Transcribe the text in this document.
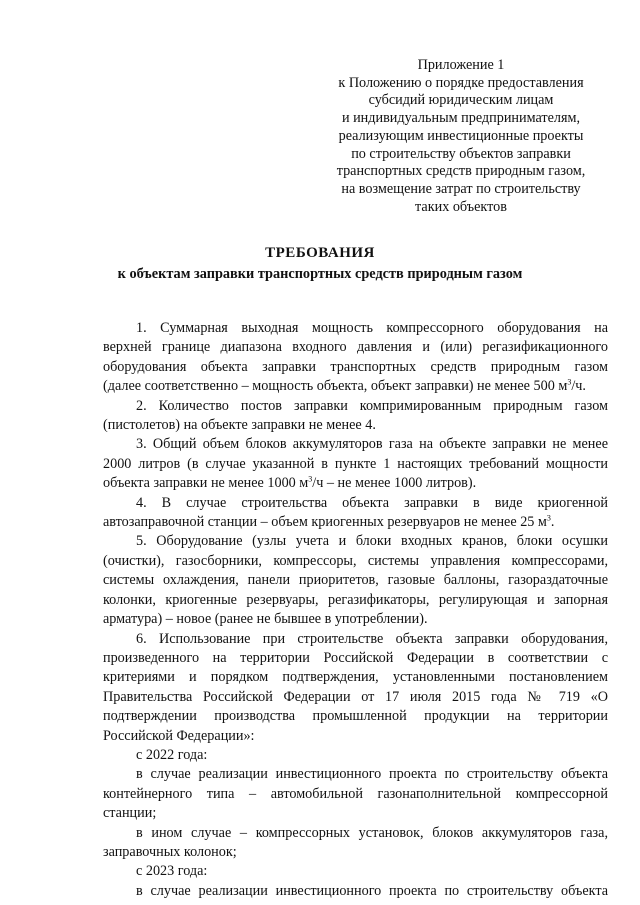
Приложение 1
к Положению о порядке предоставления
субсидий юридическим лицам
и индивидуальным предпринимателям,
реализующим инвестиционные проекты
по строительству объектов заправки
транспортных средств природным газом,
на возмещение затрат по строительству
таких объектов
ТРЕБОВАНИЯ
к объектам заправки транспортных средств природным газом
1. Суммарная выходная мощность компрессорного оборудования на
верхней границе диапазона входного давления и (или) регазификационного
оборудования объекта заправки транспортных средств природным газом
(далее соответственно – мощность объекта, объект заправки) не менее 500 $м^3/ч$.
2. Количество постов заправки компримированным природным газом
(пистолетов) на объекте заправки не менее 4.
3. Общий объем блоков аккумуляторов газа на объекте заправки не менее
2000 литров (в случае указанной в пункте 1 настоящих требований мощности
объекта заправки не менее 1000 $м^3/ч$ – не менее 1000 литров).
4. В случае строительства объекта заправки в виде криогенной
автозаправочной станции – объем криогенных резервуаров не менее 25 $м^3$.
5. Оборудование (узлы учета и блоки входных кранов, блоки осушки
(очистки), газосборники, компрессоры, системы управления компрессорами,
системы охлаждения, панели приоритетов, газовые баллоны, газораздаточные
колонки, криогенные резервуары, регазификаторы, регулирующая и запорная
арматура) – новое (ранее не бывшее в употреблении).
6. Использование при строительстве объекта заправки оборудования,
произведенного на территории Российской Федерации в соответствии с
критериями и порядком подтверждения, установленными постановлением
Правительства Российской Федерации от 17 июля 2015 года № 719 «О
подтверждении производства промышленной продукции на территории
Российской Федерации»:
с 2022 года:
в случае реализации инвестиционного проекта по строительству объекта
контейнерного типа – автомобильной газонаполнительной компрессорной
станции;
в ином случае – компрессорных установок, блоков аккумуляторов газа,
заправочных колонок;
с 2023 года:
в случае реализации инвестиционного проекта по строительству объекта
